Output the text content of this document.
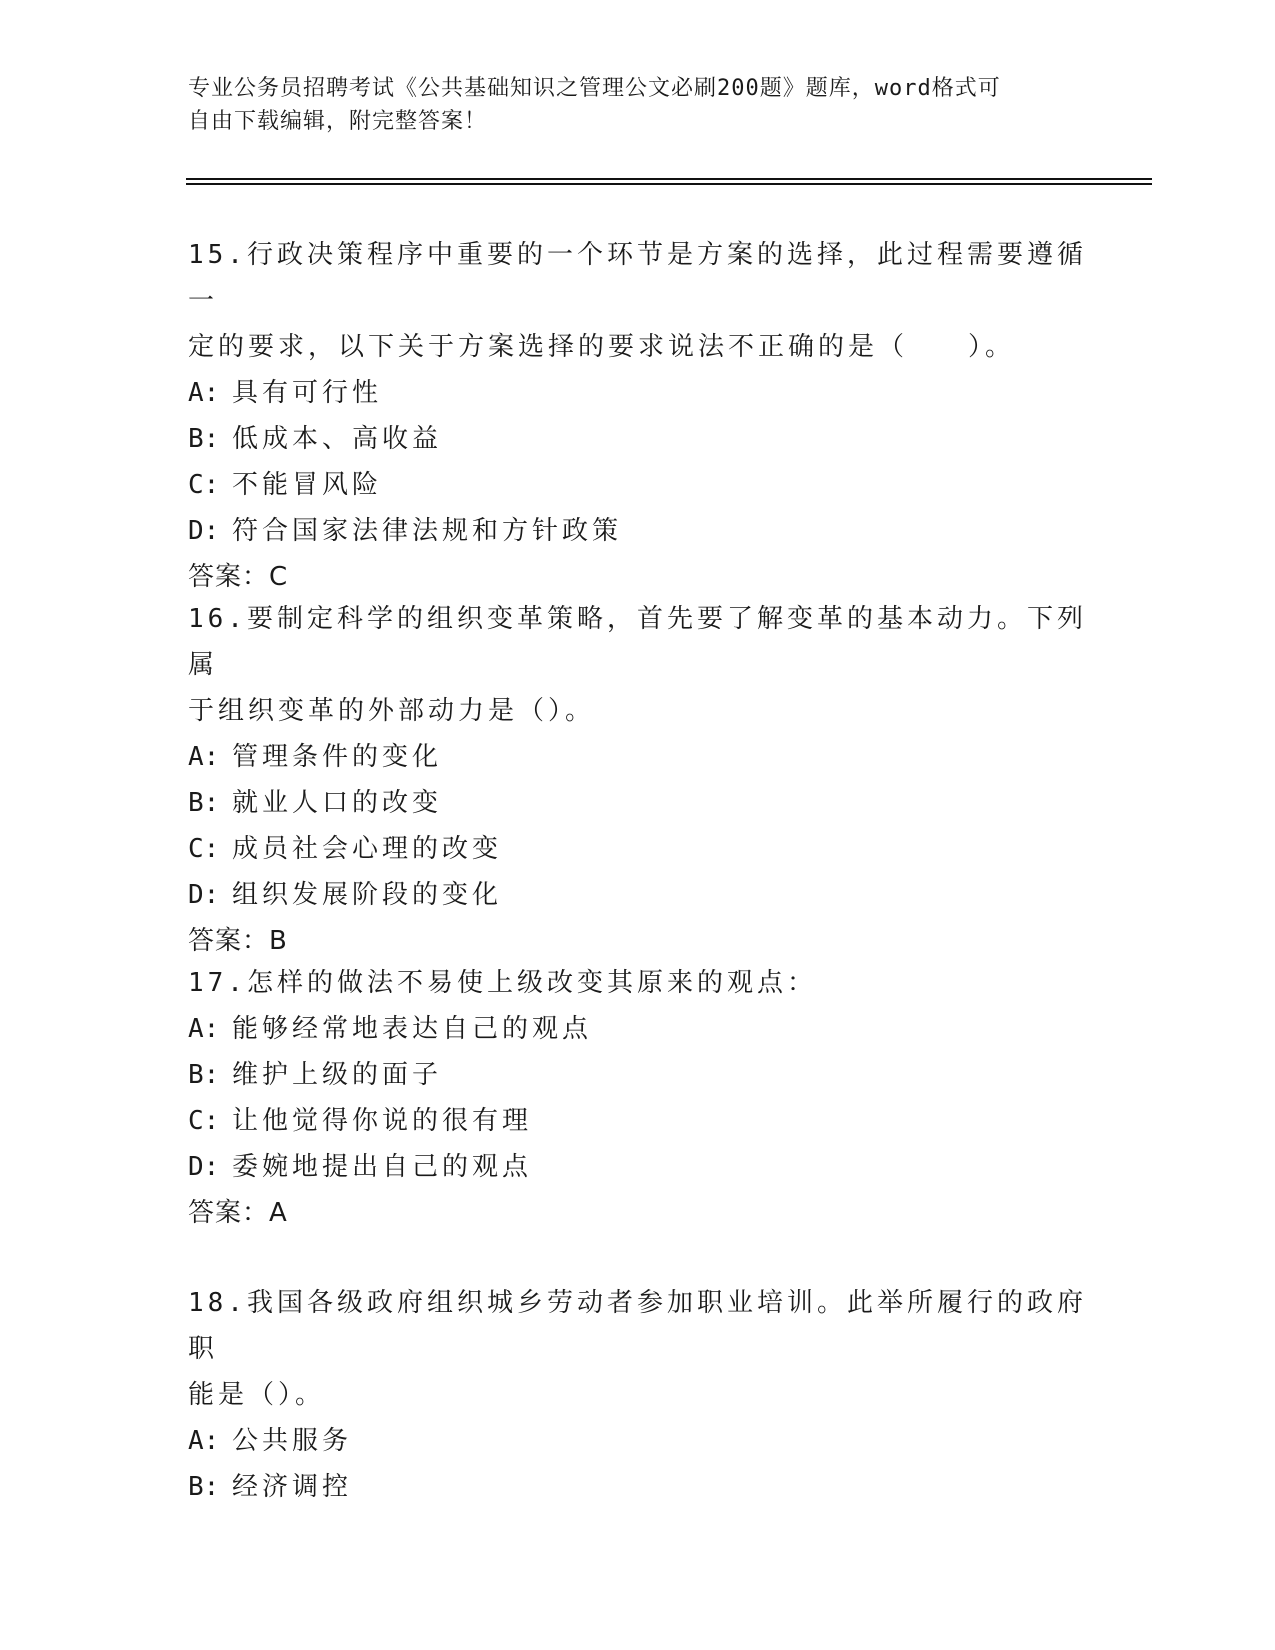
专业公务员招聘考试《公共基础知识之管理公文必刷200题》题库，word格式可
自由下载编辑，附完整答案！

15.行政决策程序中重要的一个环节是方案的选择，此过程需要遵循一

定的要求，以下关于方案选择的要求说法不正确的是（　　）。

A: 具有可行性

B: 低成本、高收益

C: 不能冒风险

D: 符合国家法律法规和方针政策

答案：C

16.要制定科学的组织变革策略，首先要了解变革的基本动力。下列属

于组织变革的外部动力是（）。

A: 管理条件的变化

B: 就业人口的改变

C: 成员社会心理的改变

D: 组织发展阶段的变化

答案：B

17.怎样的做法不易使上级改变其原来的观点：

A: 能够经常地表达自己的观点

B: 维护上级的面子

C: 让他觉得你说的很有理

D: 委婉地提出自己的观点

答案：A

18.我国各级政府组织城乡劳动者参加职业培训。此举所履行的政府职

能是（）。

A: 公共服务

B: 经济调控
